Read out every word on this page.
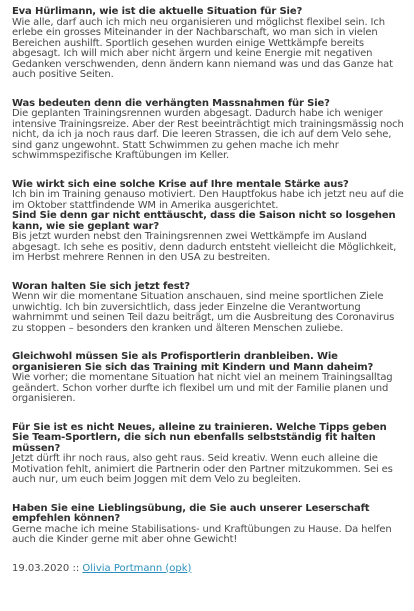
Eva Hürlimann, wie ist die aktuelle Situation für Sie?
Wie alle, darf auch ich mich neu organisieren und möglichst flexibel sein. Ich erlebe ein grosses Miteinander in der Nachbarschaft, wo man sich in vielen Bereichen aushilft. Sportlich gesehen wurden einige Wettkämpfe bereits abgesagt. Ich will mich aber nicht ärgern und keine Energie mit negativen Gedanken verschwenden, denn ändern kann niemand was und das Ganze hat auch positive Seiten.
Was bedeuten denn die verhängten Massnahmen für Sie?
Die geplanten Trainingsrennen wurden abgesagt. Dadurch habe ich weniger intensive Trainingsreize. Aber der Rest beeinträchtigt mich trainingsmässig noch nicht, da ich ja noch raus darf. Die leeren Strassen, die ich auf dem Velo sehe, sind ganz ungewohnt. Statt Schwimmen zu gehen mache ich mehr schwimmspezifische Kraftübungen im Keller.
Wie wirkt sich eine solche Krise auf Ihre mentale Stärke aus?
Ich bin im Training genauso motiviert. Den Hauptfokus habe ich jetzt neu auf die im Oktober stattfindende WM in Amerika ausgerichtet.
Sind Sie denn gar nicht enttäuscht, dass die Saison nicht so losgehen kann, wie sie geplant war?
Bis jetzt wurden nebst den Trainingsrennen zwei Wettkämpfe im Ausland abgesagt. Ich sehe es positiv, denn dadurch entsteht vielleicht die Möglichkeit, im Herbst mehrere Rennen in den USA zu bestreiten.
Woran halten Sie sich jetzt fest?
Wenn wir die momentane Situation anschauen, sind meine sportlichen Ziele unwichtig. Ich bin zuversichtlich, dass jeder Einzelne die Verantwortung wahrnimmt und seinen Teil dazu beiträgt, um die Ausbreitung des Coronavirus zu stoppen – besonders den kranken und älteren Menschen zuliebe.
Gleichwohl müssen Sie als Profisportlerin dranbleiben. Wie organisieren Sie sich das Training mit Kindern und Mann daheim?
Wie vorher; die momentane Situation hat nicht viel an meinem Trainingsalltag geändert. Schon vorher durfte ich flexibel um und mit der Familie planen und organisieren.
Für Sie ist es nicht Neues, alleine zu trainieren. Welche Tipps geben Sie Team-Sportlern, die sich nun ebenfalls selbstständig fit halten müssen?
Jetzt dürft ihr noch raus, also geht raus. Seid kreativ. Wenn euch alleine die Motivation fehlt, animiert die Partnerin oder den Partner mitzukommen. Sei es auch nur, um euch beim Joggen mit dem Velo zu begleiten.
Haben Sie eine Lieblingsübung, die Sie auch unserer Leserschaft empfehlen können?
Gerne mache ich meine Stabilisations- und Kraftübungen zu Hause. Da helfen auch die Kinder gerne mit aber ohne Gewicht!
19.03.2020 :: Olivia Portmann (opk)
